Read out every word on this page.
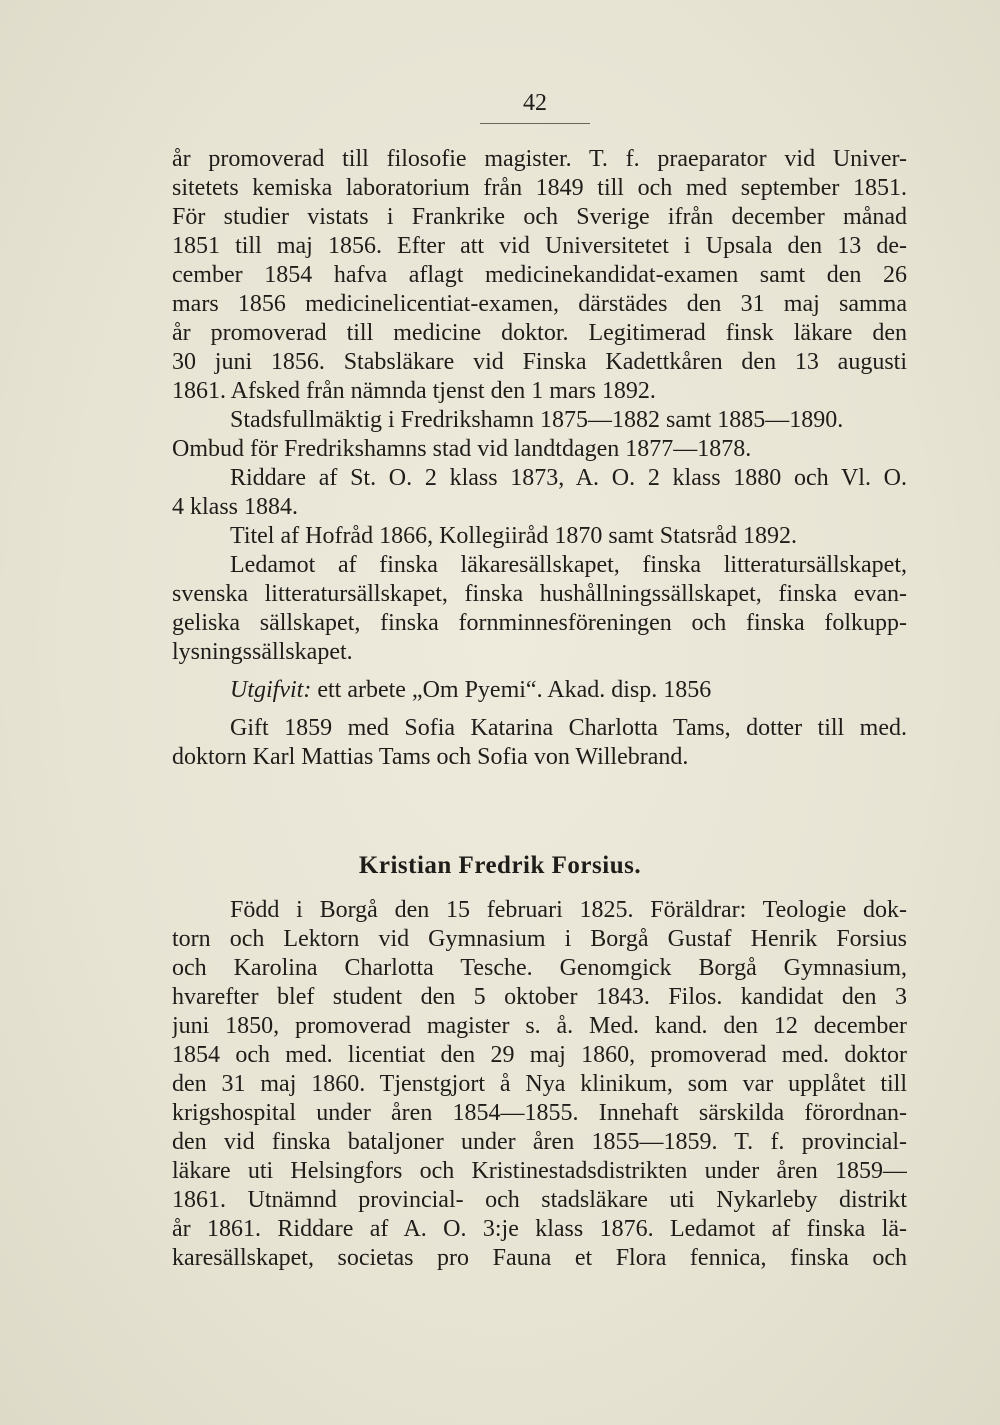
42
år promoverad till filosofie magister. T. f. praeparator vid Univer-
sitetets kemiska laboratorium från 1849 till och med september 1851.
För studier vistats i Frankrike och Sverige ifrån december månad
1851 till maj 1856. Efter att vid Universitetet i Upsala den 13 de-
cember 1854 hafva aflagt medicinekandidat-examen samt den 26
mars 1856 medicinelicentiat-examen, därstädes den 31 maj samma
år promoverad till medicine doktor. Legitimerad finsk läkare den
30 juni 1856. Stabsläkare vid Finska Kadettkåren den 13 augusti
1861. Afsked från nämnda tjenst den 1 mars 1892.
Stadsfullmäktig i Fredrikshamn 1875—1882 samt 1885—1890.
Ombud för Fredrikshamns stad vid landtdagen 1877—1878.
Riddare af St. O. 2 klass 1873, A. O. 2 klass 1880 och Vl. O.
4 klass 1884.
Titel af Hofråd 1866, Kollegiiråd 1870 samt Statsråd 1892.
Ledamot af finska läkaresällskapet, finska litteratursällskapet,
svenska litteratursällskapet, finska hushållningssällskapet, finska evan-
geliska sällskapet, finska fornminnesföreningen och finska folkupp-
lysningssällskapet.
Utgifvit: ett arbete „Om Pyemi“. Akad. disp. 1856
Gift 1859 med Sofia Katarina Charlotta Tams, dotter till med.
doktorn Karl Mattias Tams och Sofia von Willebrand.
Kristian Fredrik Forsius.
Född i Borgå den 15 februari 1825. Föräldrar: Teologie dok-
torn och Lektorn vid Gymnasium i Borgå Gustaf Henrik Forsius
och Karolina Charlotta Tesche. Genomgick Borgå Gymnasium,
hvarefter blef student den 5 oktober 1843. Filos. kandidat den 3
juni 1850, promoverad magister s. å. Med. kand. den 12 december
1854 och med. licentiat den 29 maj 1860, promoverad med. doktor
den 31 maj 1860. Tjenstgjort å Nya klinikum, som var upplåtet till
krigshospital under åren 1854—1855. Innehaft särskilda förordnan-
den vid finska bataljoner under åren 1855—1859. T. f. provincial-
läkare uti Helsingfors och Kristinestadsdistrikten under åren 1859—
1861. Utnämnd provincial- och stadsläkare uti Nykarleby distrikt
år 1861. Riddare af A. O. 3:je klass 1876. Ledamot af finska lä-
karesällskapet, societas pro Fauna et Flora fennica, finska och
